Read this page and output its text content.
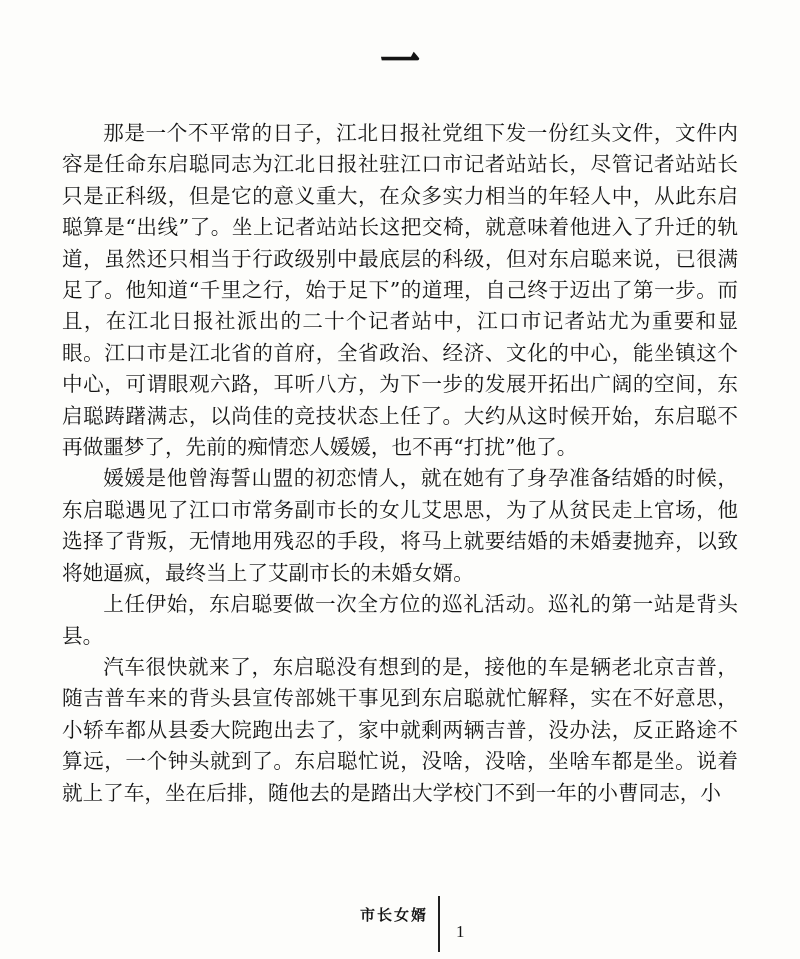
一

那是一个不平常的日子，江北日报社党组下发一份红头文件，文件内容是任命东启聪同志为江北日报社驻江口市记者站站长，尽管记者站站长只是正科级，但是它的意义重大，在众多实力相当的年轻人中，从此东启聪算是“出线”了。坐上记者站站长这把交椅，就意味着他进入了升迁的轨道，虽然还只相当于行政级别中最底层的科级，但对东启聪来说，已很满足了。他知道“千里之行，始于足下”的道理，自己终于迈出了第一步。而且，在江北日报社派出的二十个记者站中，江口市记者站尤为重要和显眼。江口市是江北省的首府，全省政治、经济、文化的中心，能坐镇这个中心，可谓眼观六路，耳听八方，为下一步的发展开拓出广阔的空间，东启聪踌躇满志，以尚佳的竞技状态上任了。大约从这时候开始，东启聪不再做噩梦了，先前的痴情恋人媛媛，也不再“打扰”他了。

媛媛是他曾海誓山盟的初恋情人，就在她有了身孕准备结婚的时候，东启聪遇见了江口市常务副市长的女儿艾思思，为了从贫民走上官场，他选择了背叛，无情地用残忍的手段，将马上就要结婚的未婚妻抛弃，以致将她逼疯，最终当上了艾副市长的未婚女婿。

上任伊始，东启聪要做一次全方位的巡礼活动。巡礼的第一站是背头县。

汽车很快就来了，东启聪没有想到的是，接他的车是辆老北京吉普，随吉普车来的背头县宣传部姚干事见到东启聪就忙解释，实在不好意思，小轿车都从县委大院跑出去了，家中就剩两辆吉普，没办法，反正路途不算远，一个钟头就到了。东启聪忙说，没啥，没啥，坐啥车都是坐。说着就上了车，坐在后排，随他去的是踏出大学校门不到一年的小曹同志，小

市长女婿
1
